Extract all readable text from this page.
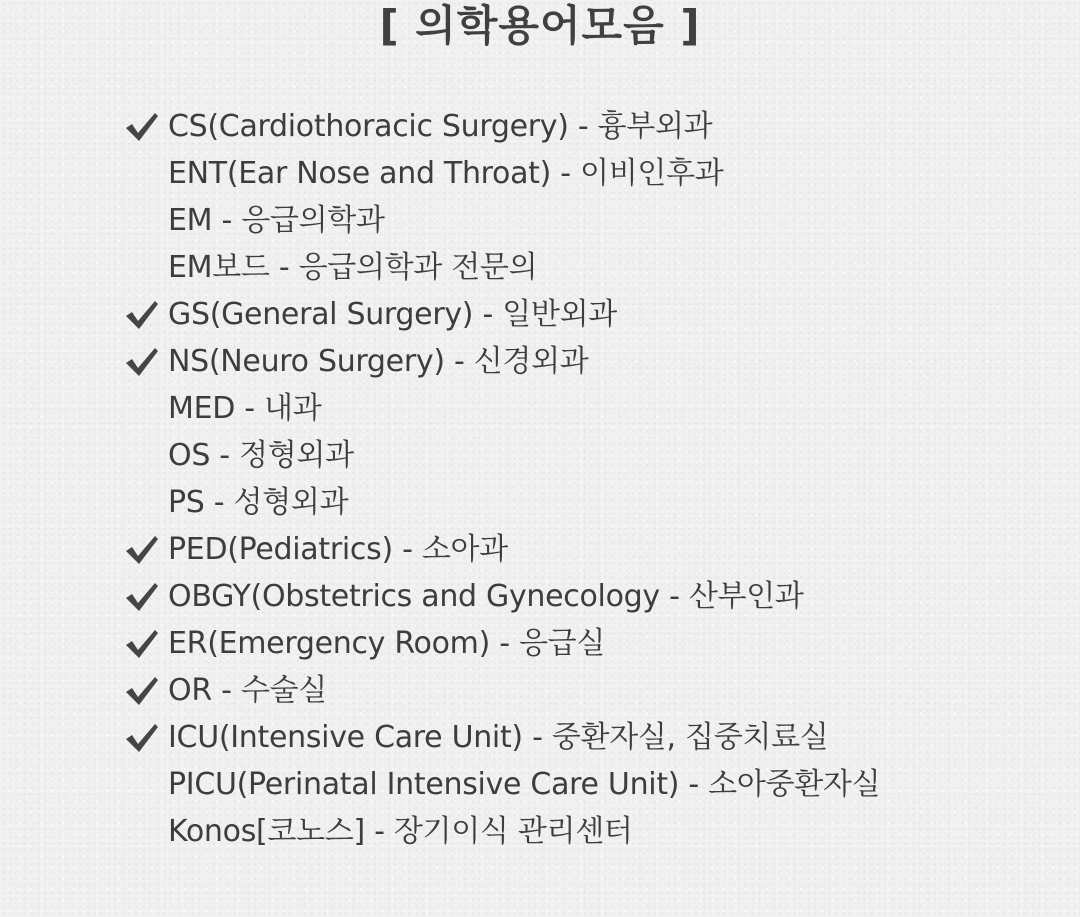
[ 의학용어모음 ]
CS(Cardiothoracic Surgery) - 흉부외과
ENT(Ear Nose and Throat) - 이비인후과
EM - 응급의학과
EM보드 - 응급의학과 전문의
GS(General Surgery) - 일반외과
NS(Neuro Surgery) - 신경외과
MED - 내과
OS - 정형외과
PS - 성형외과
PED(Pediatrics) - 소아과
OBGY(Obstetrics and Gynecology - 산부인과
ER(Emergency Room) - 응급실
OR - 수술실
ICU(Intensive Care Unit) - 중환자실, 집중치료실
PICU(Perinatal Intensive Care Unit) - 소아중환자실
Konos[코노스] - 장기이식 관리센터
